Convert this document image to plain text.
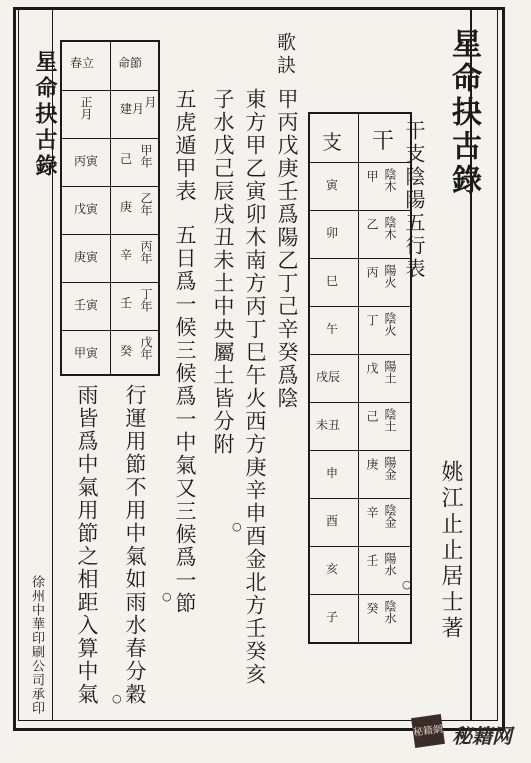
星命抉古錄
干支陰陽五行表
姚江止止居士著
干
支
甲 陰木
寅
乙 陰木
卯
丙 陽火
巳
丁 陰火
午
戊 陽土
戌辰
己 陰土
未丑
庚 陽金
申
辛 陰金
酉
壬 陽水
亥
癸 陰水
子
歌訣
甲丙戊庚壬爲陽乙丁己辛癸爲陰
東方甲乙寅卯木南方丙丁巳午火西方庚辛申酉金北方壬癸亥
子水戊己辰戌丑未土中央屬土皆分附
五虎遁甲表
五日爲一候三候爲一中氣又三候爲一節
行運用節不用中氣如雨水春分穀
雨皆爲中氣用節之相距入算中氣
命節
春立
建月
月
正月
己 甲年
丙寅
庚 乙年
戊寅
辛 丙年
庚寅
壬 丁年
壬寅
癸 戊年
甲寅
星命抉古錄
徐州中華印刷公司承印	○
○
○
○
秘籍網 秘籍网
